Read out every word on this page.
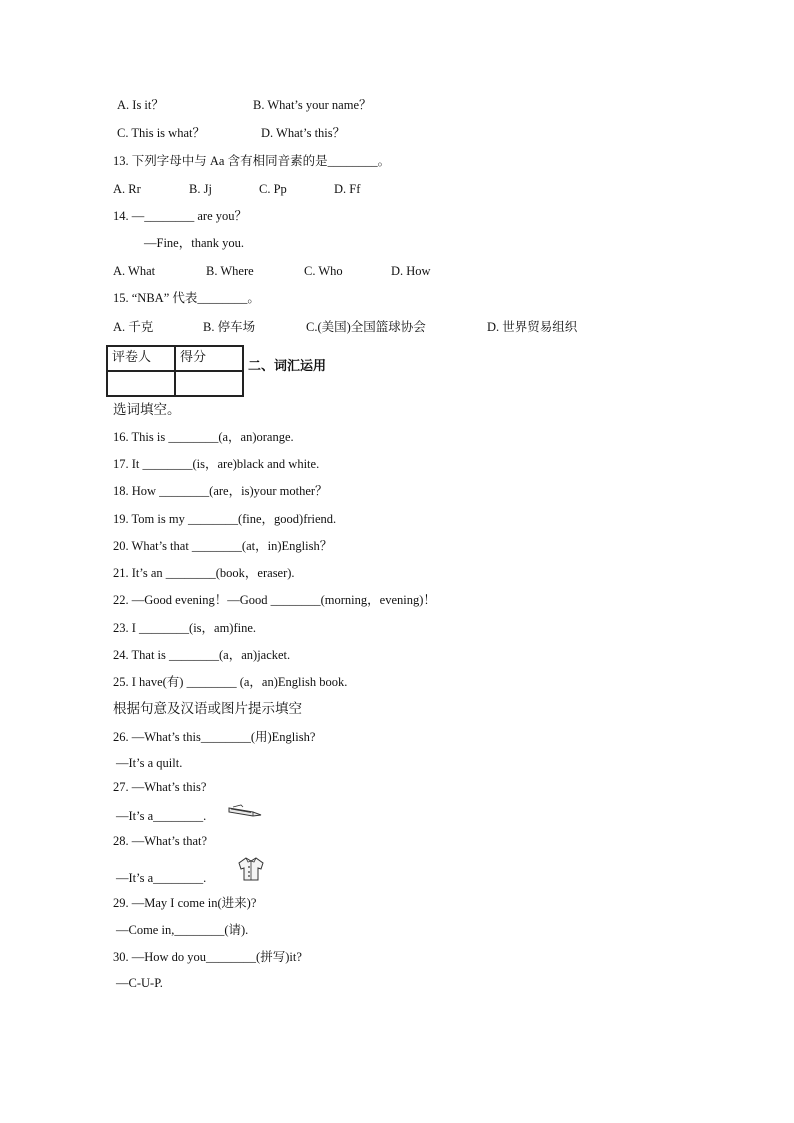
A. Is it？	B. What’s your name？
C. This is what？	D. What’s this？
13. 下列字母中与 Aa 含有相同音素的是________。
A. Rr	B. Jj	C. Pp	D. Ff
14. —________ are you？
—Fine，thank you.
A. What	B. Where	C. Who	D. How
15. “NBA” 代表________。
A. 千克	B. 停车场	C.(美国)全国篮球协会	D. 世界贸易组织
评卷人	得分

二、词汇运用
选词填空。
16. This is ________(a，an)orange.
17. It ________(is，are)black and white.
18. How ________(are，is)your mother？
19. Tom is my ________(fine，good)friend.
20. What’s that ________(at，in)English？
21. It’s an ________(book，eraser).
22. —Good evening！—Good ________(morning，evening)！
23. I ________(is，am)fine.
24. That is ________(a，an)jacket.
25. I have(有) ________ (a，an)English book.
根据句意及汉语或图片提示填空
26. —What’s this________(用)English?
—It’s a quilt.
27. —What’s this?
—It’s a________.
28. —What’s that?
—It’s a________.
29. —May I come in(进来)?
—Come in,________(请).
30. —How do you________(拼写)it?
—C-U-P.
